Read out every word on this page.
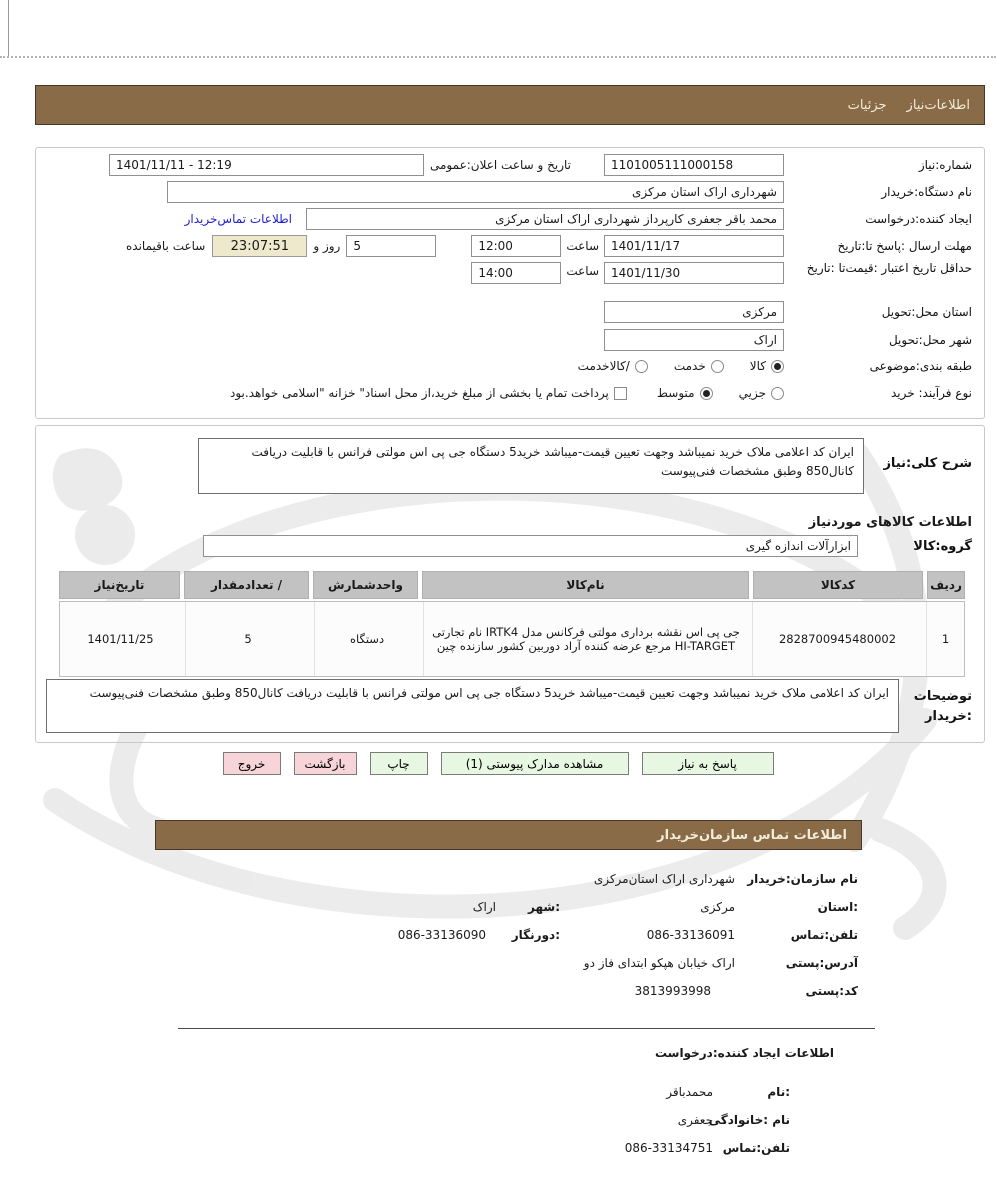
اطلاعات‌نیاز
جزئیات
شماره:نیاز
1101005111000158
تاریخ و ساعت اعلان:عمومی
1401/11/11 - 12:19
نام دستگاه:خریدار
شهرداری اراک استان مرکزی
ایجاد کننده:درخواست
محمد باقر جعفری کارپرداز شهرداری اراک استان مرکزی
اطلاعات تماس‌خریدار
مهلت ارسال :پاسخ تا:تاریخ
1401/11/17
ساعت
12:00
5
روز و
23:07:51
ساعت باقیمانده
حداقل تاریخ اعتبار :قیمت‌تا :تاریخ
1401/11/30
ساعت
14:00
استان محل:تحویل
مرکزی
شهر محل:تحویل
اراک
طبقه بندی:موضوعی
کالا
خدمت
/کالاخدمت
نوع فرآیند: خرید
جزیي
متوسط
پرداخت تمام یا بخشی از مبلغ خرید،از محل اسناد" خزانه "اسلامی خواهد.بود
شرح کلی:نیاز
ایران کد اعلامی ملاک خرید نمیباشد وجهت تعیین قیمت-میباشد خرید5 دستگاه جی پی اس مولتی فرانس با قابلیت دریافت کانال850 وطبق مشخصات فنی‌پیوست
اطلاعات کالاهای موردنیاز
گروه:کالا
ابزارآلات اندازه گیری
ردیف
کدکالا
نام‌کالا
واحدشمارش
/ تعدادمقدار
تاریخ‌نیاز
1
2828700945480002
جی پی اس نقشه برداری مولتی فرکانس مدل IRTK4 نام تجارتی HI-TARGET مرجع عرضه کننده آراد دوربین کشور سازنده چین
دستگاه
5
1401/11/25
توضیحات :خریدار
ایران کد اعلامی ملاک خرید نمیباشد وجهت تعیین قیمت-میباشد خرید5 دستگاه جی پی اس مولتی فرانس با قابلیت دریافت کانال850 وطبق مشخصات فنی‌پیوست
پاسخ به نیاز
مشاهده مدارک پیوستی (1)
چاپ
بازگشت
خروج
اطلاعات تماس سازمان‌خریدار
نام سازمان:خریدار
شهرداری اراک استان‌مرکزی
:استان
مرکزی
:شهر
اراک
تلفن:تماس
086-33136091
:دورنگار
086-33136090
آدرس:پستی
اراک خیابان هپکو ابتدای فاز دو
کد:پستی
3813993998
اطلاعات ایجاد کننده:درخواست
:نام
محمدباقر
نام :خانوادگی
جعفری
تلفن:تماس
086-33134751
